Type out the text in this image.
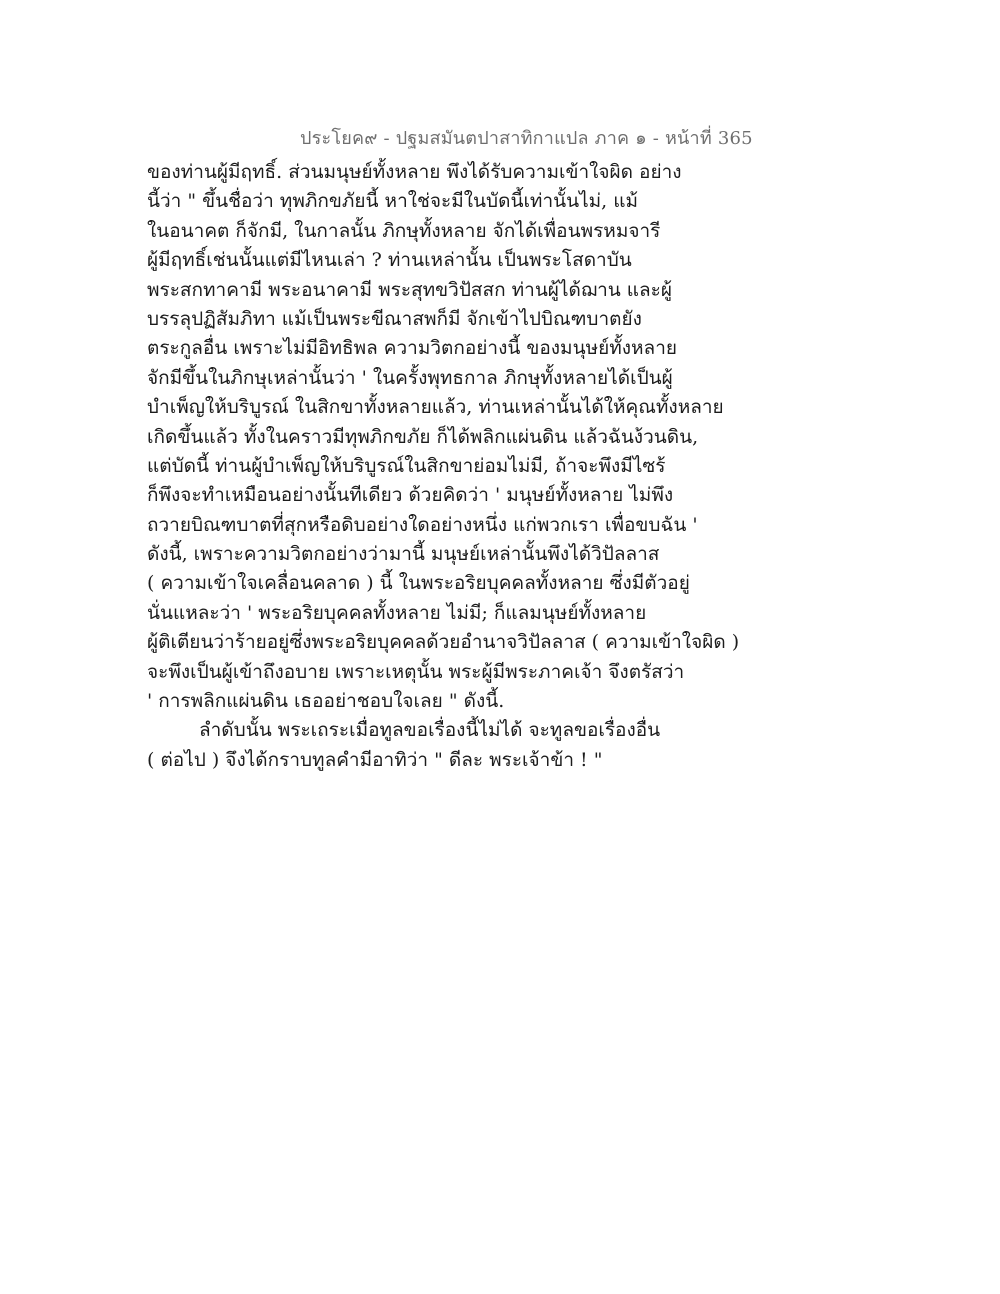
ประโยค๙ - ปฐมสมันตปาสาทิกาแปล ภาค ๑ - หน้าที่ 365
ของท่านผู้มีฤทธิ์. ส่วนมนุษย์ทั้งหลาย พึงได้รับความเข้าใจผิด อย่าง
นี้ว่า " ขึ้นชื่อว่า ทุพภิกขภัยนี้ หาใช่จะมีในบัดนี้เท่านั้นไม่, แม้
ในอนาคต ก็จักมี, ในกาลนั้น ภิกษุทั้งหลาย จักได้เพื่อนพรหมจารี
ผู้มีฤทธิ์เช่นนั้นแต่มีไหนเล่า ? ท่านเหล่านั้น เป็นพระโสดาบัน
พระสกทาคามี พระอนาคามี พระสุทขวิปัสสก ท่านผู้ได้ฌาน และผู้
บรรลุปฏิสัมภิทา แม้เป็นพระขีณาสพก็มี จักเข้าไปบิณฑบาตยัง
ตระกูลอื่น เพราะไม่มีอิทธิพล ความวิตกอย่างนี้ ของมนุษย์ทั้งหลาย
จักมีขึ้นในภิกษุเหล่านั้นว่า ' ในครั้งพุทธกาล ภิกษุทั้งหลายได้เป็นผู้
บำเพ็ญให้บริบูรณ์ ในสิกขาทั้งหลายแล้ว, ท่านเหล่านั้นได้ให้คุณทั้งหลาย
เกิดขึ้นแล้ว ทั้งในคราวมีทุพภิกขภัย ก็ได้พลิกแผ่นดิน แล้วฉันง้วนดิน,
แต่บัดนี้ ท่านผู้บำเพ็ญให้บริบูรณ์ในสิกขาย่อมไม่มี, ถ้าจะพึงมีไซร้
ก็พึงจะทำเหมือนอย่างนั้นทีเดียว ด้วยคิดว่า ' มนุษย์ทั้งหลาย ไม่พึง
ถวายบิณฑบาตที่สุกหรือดิบอย่างใดอย่างหนึ่ง แก่พวกเรา เพื่อขบฉัน '
ดังนี้, เพราะความวิตกอย่างว่ามานี้ มนุษย์เหล่านั้นพึงได้วิปัลลาส
( ความเข้าใจเคลื่อนคลาด ) นี้ ในพระอริยบุคคลทั้งหลาย ซึ่งมีตัวอยู่
นั่นแหละว่า ' พระอริยบุคคลทั้งหลาย ไม่มี; ก็แลมนุษย์ทั้งหลาย
ผู้ติเตียนว่าร้ายอยู่ซึ่งพระอริยบุคคลด้วยอำนาจวิปัลลาส ( ความเข้าใจผิด )
จะพึงเป็นผู้เข้าถึงอบาย เพราะเหตุนั้น พระผู้มีพระภาคเจ้า จึงตรัสว่า
' การพลิกแผ่นดิน เธออย่าชอบใจเลย " ดังนี้.
ลำดับนั้น พระเถระเมื่อทูลขอเรื่องนี้ไม่ได้ จะทูลขอเรื่องอื่น
( ต่อไป ) จึงได้กราบทูลคำมีอาทิว่า " ดีละ พระเจ้าข้า ! "
